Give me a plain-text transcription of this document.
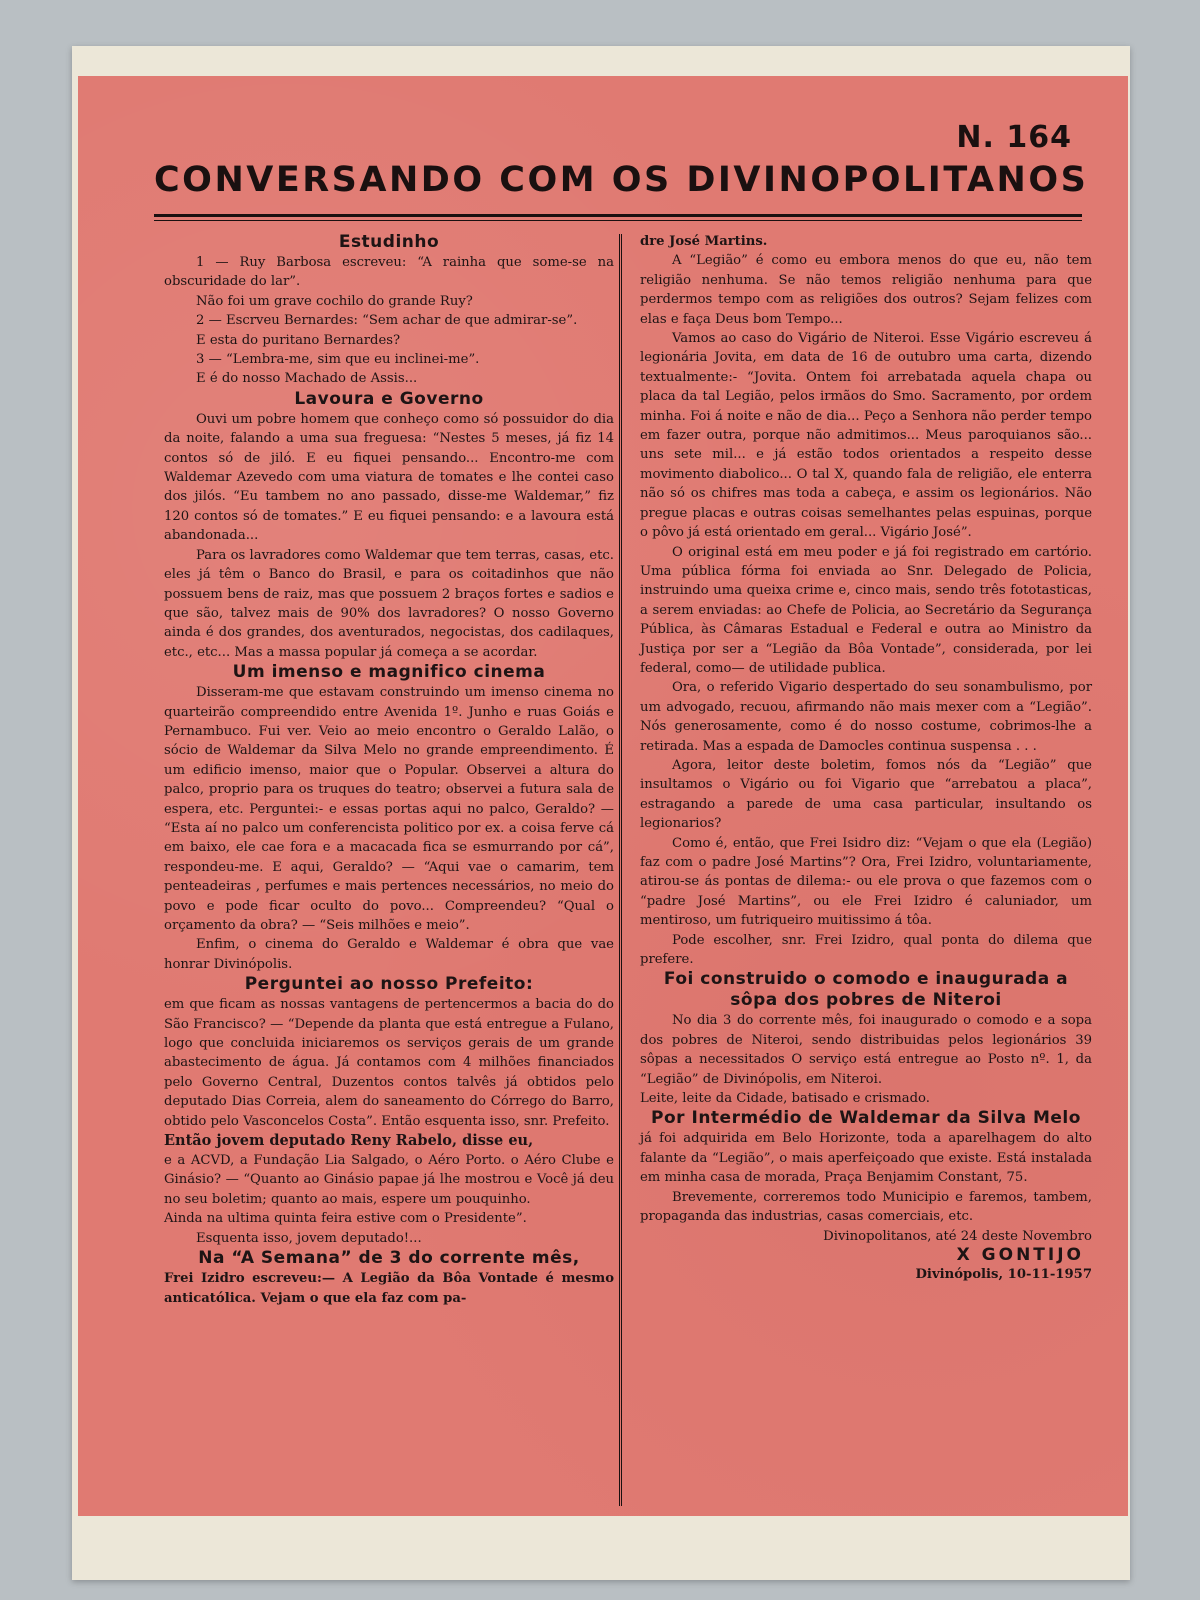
N. 164
CONVERSANDO COM OS DIVINOPOLITANOS

Estudinho

1 — Ruy Barbosa escreveu: “A rainha que some-se na obscuridade do lar”.

Não foi um grave cochilo do grande Ruy?

2 — Escrveu Bernardes: “Sem achar de que admirar-se”.

E esta do puritano Bernardes?

3 — “Lembra-me, sim que eu inclinei-me”.

E é do nosso Machado de Assis...

Lavoura e Governo

Ouvi um pobre homem que conheço como só possuidor do dia da noite, falando a uma sua freguesa: “Nestes 5 meses, já fiz 14 contos só de jiló. E eu fiquei pensando... Encontro-me com Waldemar Azevedo com uma viatura de tomates e lhe contei caso dos jilós. “Eu tambem no ano passado, disse-me Waldemar,” fiz 120 contos só de tomates.” E eu fiquei pensando: e a lavoura está abandonada...

Para os lavradores como Waldemar que tem terras, casas, etc. eles já têm o Banco do Brasil, e para os coitadinhos que não possuem bens de raiz, mas que possuem 2 braços fortes e sadios e que são, talvez mais de 90% dos lavradores? O nosso Governo ainda é dos grandes, dos aventurados, negocistas, dos cadilaques, etc., etc... Mas a massa popular já começa a se acordar.

Um imenso e magnifico cinema

Disseram-me que estavam construindo um imenso cinema no quarteirão compreendido entre Avenida 1º. Junho e ruas Goiás e Pernambuco. Fui ver. Veio ao meio encontro o Geraldo Lalão, o sócio de Waldemar da Silva Melo no grande empreendimento. É um edificio imenso, maior que o Popular. Observei a altura do palco, proprio para os truques do teatro; observei a futura sala de espera, etc. Perguntei:- e essas portas aqui no palco, Geraldo? — “Esta aí no palco um conferencista politico por ex. a coisa ferve cá em baixo, ele cae fora e a macacada fica se esmurrando por cá”, respondeu-me. E aqui, Geraldo? — “Aqui vae o camarim, tem penteadeiras , perfumes e mais pertences necessários, no meio do povo e pode ficar oculto do povo... Compreendeu? “Qual o orçamento da obra? — “Seis milhões e meio”.

Enfim, o cinema do Geraldo e Waldemar é obra que vae honrar Divinópolis.

Perguntei ao nosso Prefeito:

em que ficam as nossas vantagens de pertencermos a bacia do do São Francisco? — “Depende da planta que está entregue a Fulano, logo que concluida iniciaremos os serviços gerais de um grande abastecimento de água. Já contamos com 4 milhões financiados pelo Governo Central, Duzentos contos talvês já obtidos pelo deputado Dias Correia, alem do saneamento do Córrego do Barro, obtido pelo Vasconcelos Costa”. Então esquenta isso, snr. Prefeito.

Então jovem deputado Reny Rabelo, disse eu,

e a ACVD, a Fundação Lia Salgado, o Aéro Porto. o Aéro Clube e Ginásio? — “Quanto ao Ginásio papae já lhe mostrou e Você já deu no seu boletim; quanto ao mais, espere um pouquinho.

Ainda na ultima quinta feira estive com o Presidente”.

Esquenta isso, jovem deputado!...

Na “A Semana” de 3 do corrente mês,

Frei Izidro escreveu:— A Legião da Bôa Vontade é mesmo anticatólica. Vejam o que ela faz com pa-

dre José Martins.

A “Legião” é como eu embora menos do que eu, não tem religião nenhuma. Se não temos religião nenhuma para que perdermos tempo com as religiões dos outros? Sejam felizes com elas e faça Deus bom Tempo...

Vamos ao caso do Vigário de Niteroi. Esse Vigário escreveu á legionária Jovita, em data de 16 de outubro uma carta, dizendo textualmente:- “Jovita. Ontem foi arrebatada aquela chapa ou placa da tal Legião, pelos irmãos do Smo. Sacramento, por ordem minha. Foi á noite e não de dia... Peço a Senhora não perder tempo em fazer outra, porque não admitimos... Meus paroquianos são... uns sete mil... e já estão todos orientados a respeito desse movimento diabolico... O tal X, quando fala de religião, ele enterra não só os chifres mas toda a cabeça, e assim os legionários. Não pregue placas e outras coisas semelhantes pelas espuinas, porque o pôvo já está orientado em geral... Vigário José”.

O original está em meu poder e já foi registrado em cartório. Uma pública fórma foi enviada ao Snr. Delegado de Policia, instruindo uma queixa crime e, cinco mais, sendo três fototasticas, a serem enviadas: ao Chefe de Policia, ao Secretário da Segurança Pública, às Câmaras Estadual e Federal e outra ao Ministro da Justiça por ser a “Legião da Bôa Vontade”, considerada, por lei federal, como— de utilidade publica.

Ora, o referido Vigario despertado do seu sonambulismo, por um advogado, recuou, afirmando não mais mexer com a “Legião”. Nós generosamente, como é do nosso costume, cobrimos-lhe a retirada. Mas a espada de Damocles continua suspensa . . .

Agora, leitor deste boletim, fomos nós da “Legião” que insultamos o Vigário ou foi Vigario que “arrebatou a placa”, estragando a parede de uma casa particular, insultando os legionarios?

Como é, então, que Frei Isidro diz: “Vejam o que ela (Legião) faz com o padre José Martins”? Ora, Frei Izidro, voluntariamente, atirou-se ás pontas de dilema:- ou ele prova o que fazemos com o “padre José Martins”, ou ele Frei Izidro é caluniador, um mentiroso, um futriqueiro muitissimo á tôa.

Pode escolher, snr. Frei Izidro, qual ponta do dilema que prefere.

Foi construido o comodo e inaugurada a sôpa dos pobres de Niteroi

No dia 3 do corrente mês, foi inaugurado o comodo e a sopa dos pobres de Niteroi, sendo distribuidas pelos legionários 39 sôpas a necessitados O serviço está entregue ao Posto nº. 1, da “Legião” de Divinópolis, em Niteroi.

Leite, leite da Cidade, batisado e crismado.

Por Intermédio de Waldemar da Silva Melo

já foi adquirida em Belo Horizonte, toda a aparelhagem do alto falante da “Legião”, o mais aperfeiçoado que existe. Está instalada em minha casa de morada, Praça Benjamim Constant, 75.

Brevemente, correremos todo Municipio e faremos, tambem, propaganda das industrias, casas comerciais, etc.

Divinopolitanos, até 24 deste Novembro

X GONTIJO

Divinópolis, 10-11-1957
